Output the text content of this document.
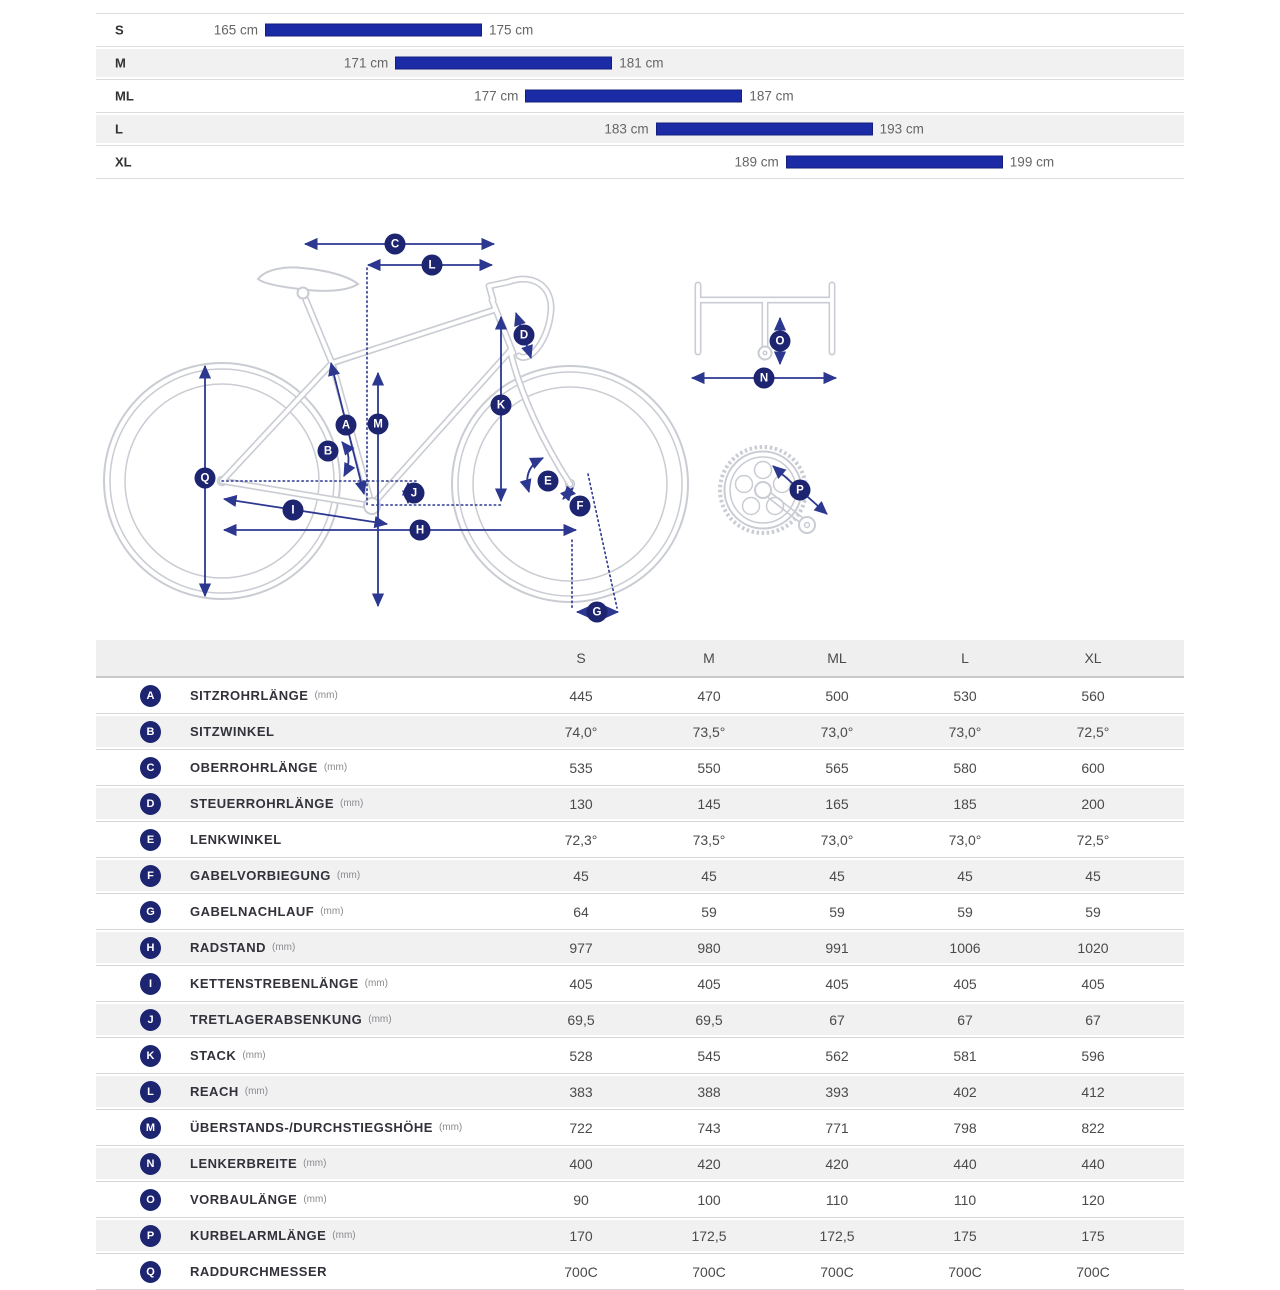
S	165 cm	175 cm
M	171 cm	181 cm
ML	177 cm	187 cm
L	183 cm	193 cm
XL	189 cm	199 cm
A
B
C
D
E
F
G
H
I
J
K
L
M
N
O
P
Q
S	M	ML	L	XL
A	SITZROHRLÄNGE (mm)	445	470	500	530	560
B	SITZWINKEL	74,0°	73,5°	73,0°	73,0°	72,5°
C	OBERROHRLÄNGE (mm)	535	550	565	580	600
D	STEUERROHRLÄNGE (mm)	130	145	165	185	200
E	LENKWINKEL	72,3°	73,5°	73,0°	73,0°	72,5°
F	GABELVORBIEGUNG (mm)	45	45	45	45	45
G	GABELNACHLAUF (mm)	64	59	59	59	59
H	RADSTAND (mm)	977	980	991	1006	1020
I	KETTENSTREBENLÄNGE (mm)	405	405	405	405	405
J	TRETLAGERABSENKUNG (mm)	69,5	69,5	67	67	67
K	STACK (mm)	528	545	562	581	596
L	REACH (mm)	383	388	393	402	412
M	ÜBERSTANDS-/DURCHSTIEGSHÖHE (mm)	722	743	771	798	822
N	LENKERBREITE (mm)	400	420	420	440	440
O	VORBAULÄNGE (mm)	90	100	110	110	120
P	KURBELARMLÄNGE (mm)	170	172,5	172,5	175	175
Q	RADDURCHMESSER	700C	700C	700C	700C	700C
